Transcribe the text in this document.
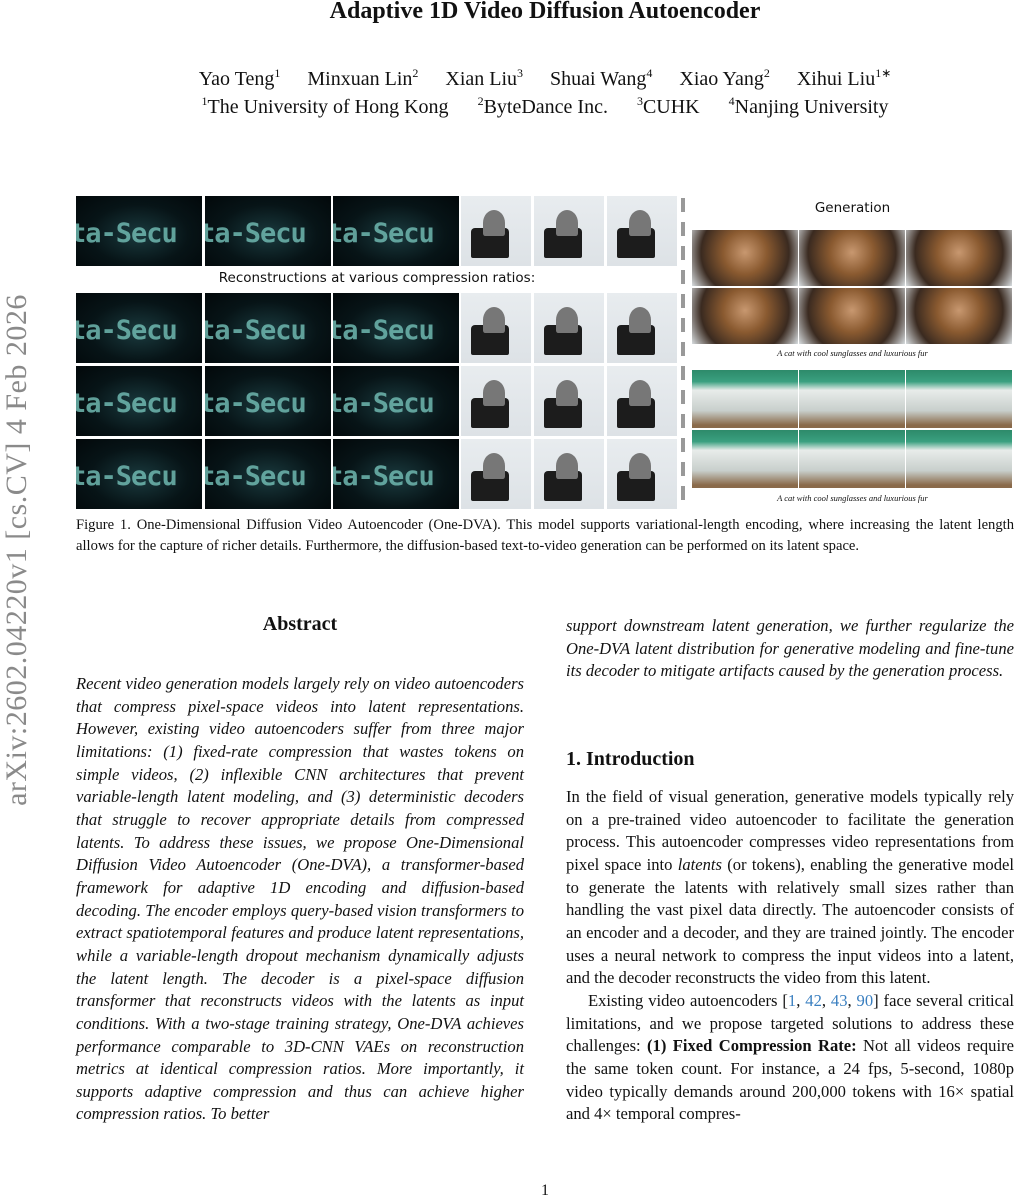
arXiv:2602.04220v1 [cs.CV] 4 Feb 2026
Adaptive 1D Video Diffusion Autoencoder
Yao Teng$^1$ Minxuan Lin$^2$ Xian Liu$^3$ Shuai Wang$^4$ Xiao Yang$^2$ Xihui Liu$^{1∗}$
$^1$The University of Hong Kong $^2$ByteDance Inc. $^3$CUHK $^4$Nanjing University
ta-Secu
ta-Secu
ta-Secu
ta-Secu
ta-Secu
ta-Secu
ta-Secu
ta-Secu
ta-Secu
ta-Secu
ta-Secu
ta-Secu
Reconstructions at various compression ratios:
Generation
A cat with cool sunglasses and luxurious fur
A cat with cool sunglasses and luxurious fur
Figure 1. One-Dimensional Diffusion Video Autoencoder (One-DVA). This model supports variational-length encoding, where increasing the latent length allows for the capture of richer details. Furthermore, the diffusion-based text-to-video generation can be performed on its latent space.
Abstract
Recent video generation models largely rely on video autoencoders that compress pixel-space videos into latent representations. However, existing video autoencoders suffer from three major limitations: (1) fixed-rate compression that wastes tokens on simple videos, (2) inflexible CNN architectures that prevent variable-length latent modeling, and (3) deterministic decoders that struggle to recover appropriate details from compressed latents. To address these issues, we propose One-Dimensional Diffusion Video Autoencoder (One-DVA), a transformer-based framework for adaptive 1D encoding and diffusion-based decoding. The encoder employs query-based vision transformers to extract spatiotemporal features and produce latent representations, while a variable-length dropout mechanism dynamically adjusts the latent length. The decoder is a pixel-space diffusion transformer that reconstructs videos with the latents as input conditions. With a two-stage training strategy, One-DVA achieves performance comparable to 3D-CNN VAEs on reconstruction metrics at identical compression ratios. More importantly, it supports adaptive compression and thus can achieve higher compression ratios. To better
support downstream latent generation, we further regularize the One-DVA latent distribution for generative modeling and fine-tune its decoder to mitigate artifacts caused by the generation process.
1. Introduction

In the field of visual generation, generative models typically rely on a pre-trained video autoencoder to facilitate the generation process. This autoencoder compresses video representations from pixel space into latents (or tokens), enabling the generative model to generate the latents with relatively small sizes rather than handling the vast pixel data directly. The autoencoder consists of an encoder and a decoder, and they are trained jointly. The encoder uses a neural network to compress the input videos into a latent, and the decoder reconstructs the video from this latent.

Existing video autoencoders [1, 42, 43, 90] face several critical limitations, and we propose targeted solutions to address these challenges: (1) Fixed Compression Rate: Not all videos require the same token count. For instance, a 24 fps, 5-second, 1080p video typically demands around 200,000 tokens with 16× spatial and 4× temporal compres-

1
